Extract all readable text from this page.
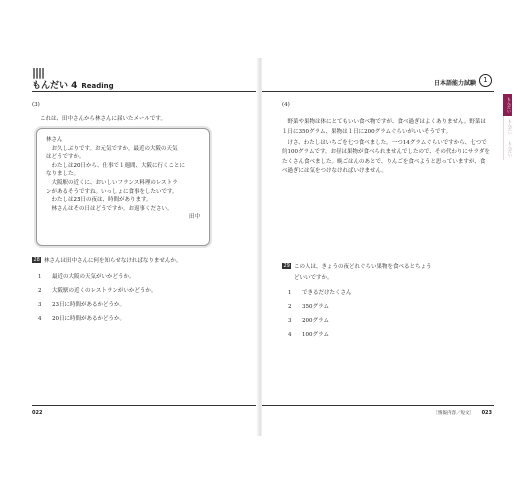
||||
もんだい 4 Reading
(3)
これは、田中さんから林さんに届いたメールです。

林さん

　お久しぶりです。お元気ですか。最近の大阪の天気

はどうですか。

　わたしは20日から、仕事で１週間、大阪に行くことに

なりました。

　大阪駅の近くに、おいしいフランス料理のレストラ

ンがあるそうですね。いっしょに食事をしたいです。

　わたしは23日の夜は、時間があります。

　林さんはその日はどうですか。お返事ください。

田中

28 林さんは田中さんに何を知らせなければなりませんか。
1 最近の大阪の天気がいかどうか。
2 大阪駅の近くのレストランがいかどうか。
3 23日に時間があるかどうか。
4 20日に時間があるかどうか。
022
日本語能力試験	1
もんだい
もんだい
もんだい
(4)

野菜や果物は体にとてもいい食べ物ですが、食べ過ぎはよくありません。野菜は１日に350グラム、果物は１日に200グラムぐらいがいいそうです。

けさ、わたしはいちごを七つ食べました。一つ14グラムぐらいですから、七つで約100グラムです。お昼は果物が食べられませんでしたので、その代わりにサラダをたくさん食べました。晩ごはんのあとで、りんごを食べようと思っていますが、食べ過ぎには気をつけなければいけません。

29 この人は、きょうの夜どれぐらい果物を食べるとちょう
どいいですか。
1 できるだけたくさん
2 350グラム
3 200グラム
4 100グラム
［情報内容／短文］ 023
